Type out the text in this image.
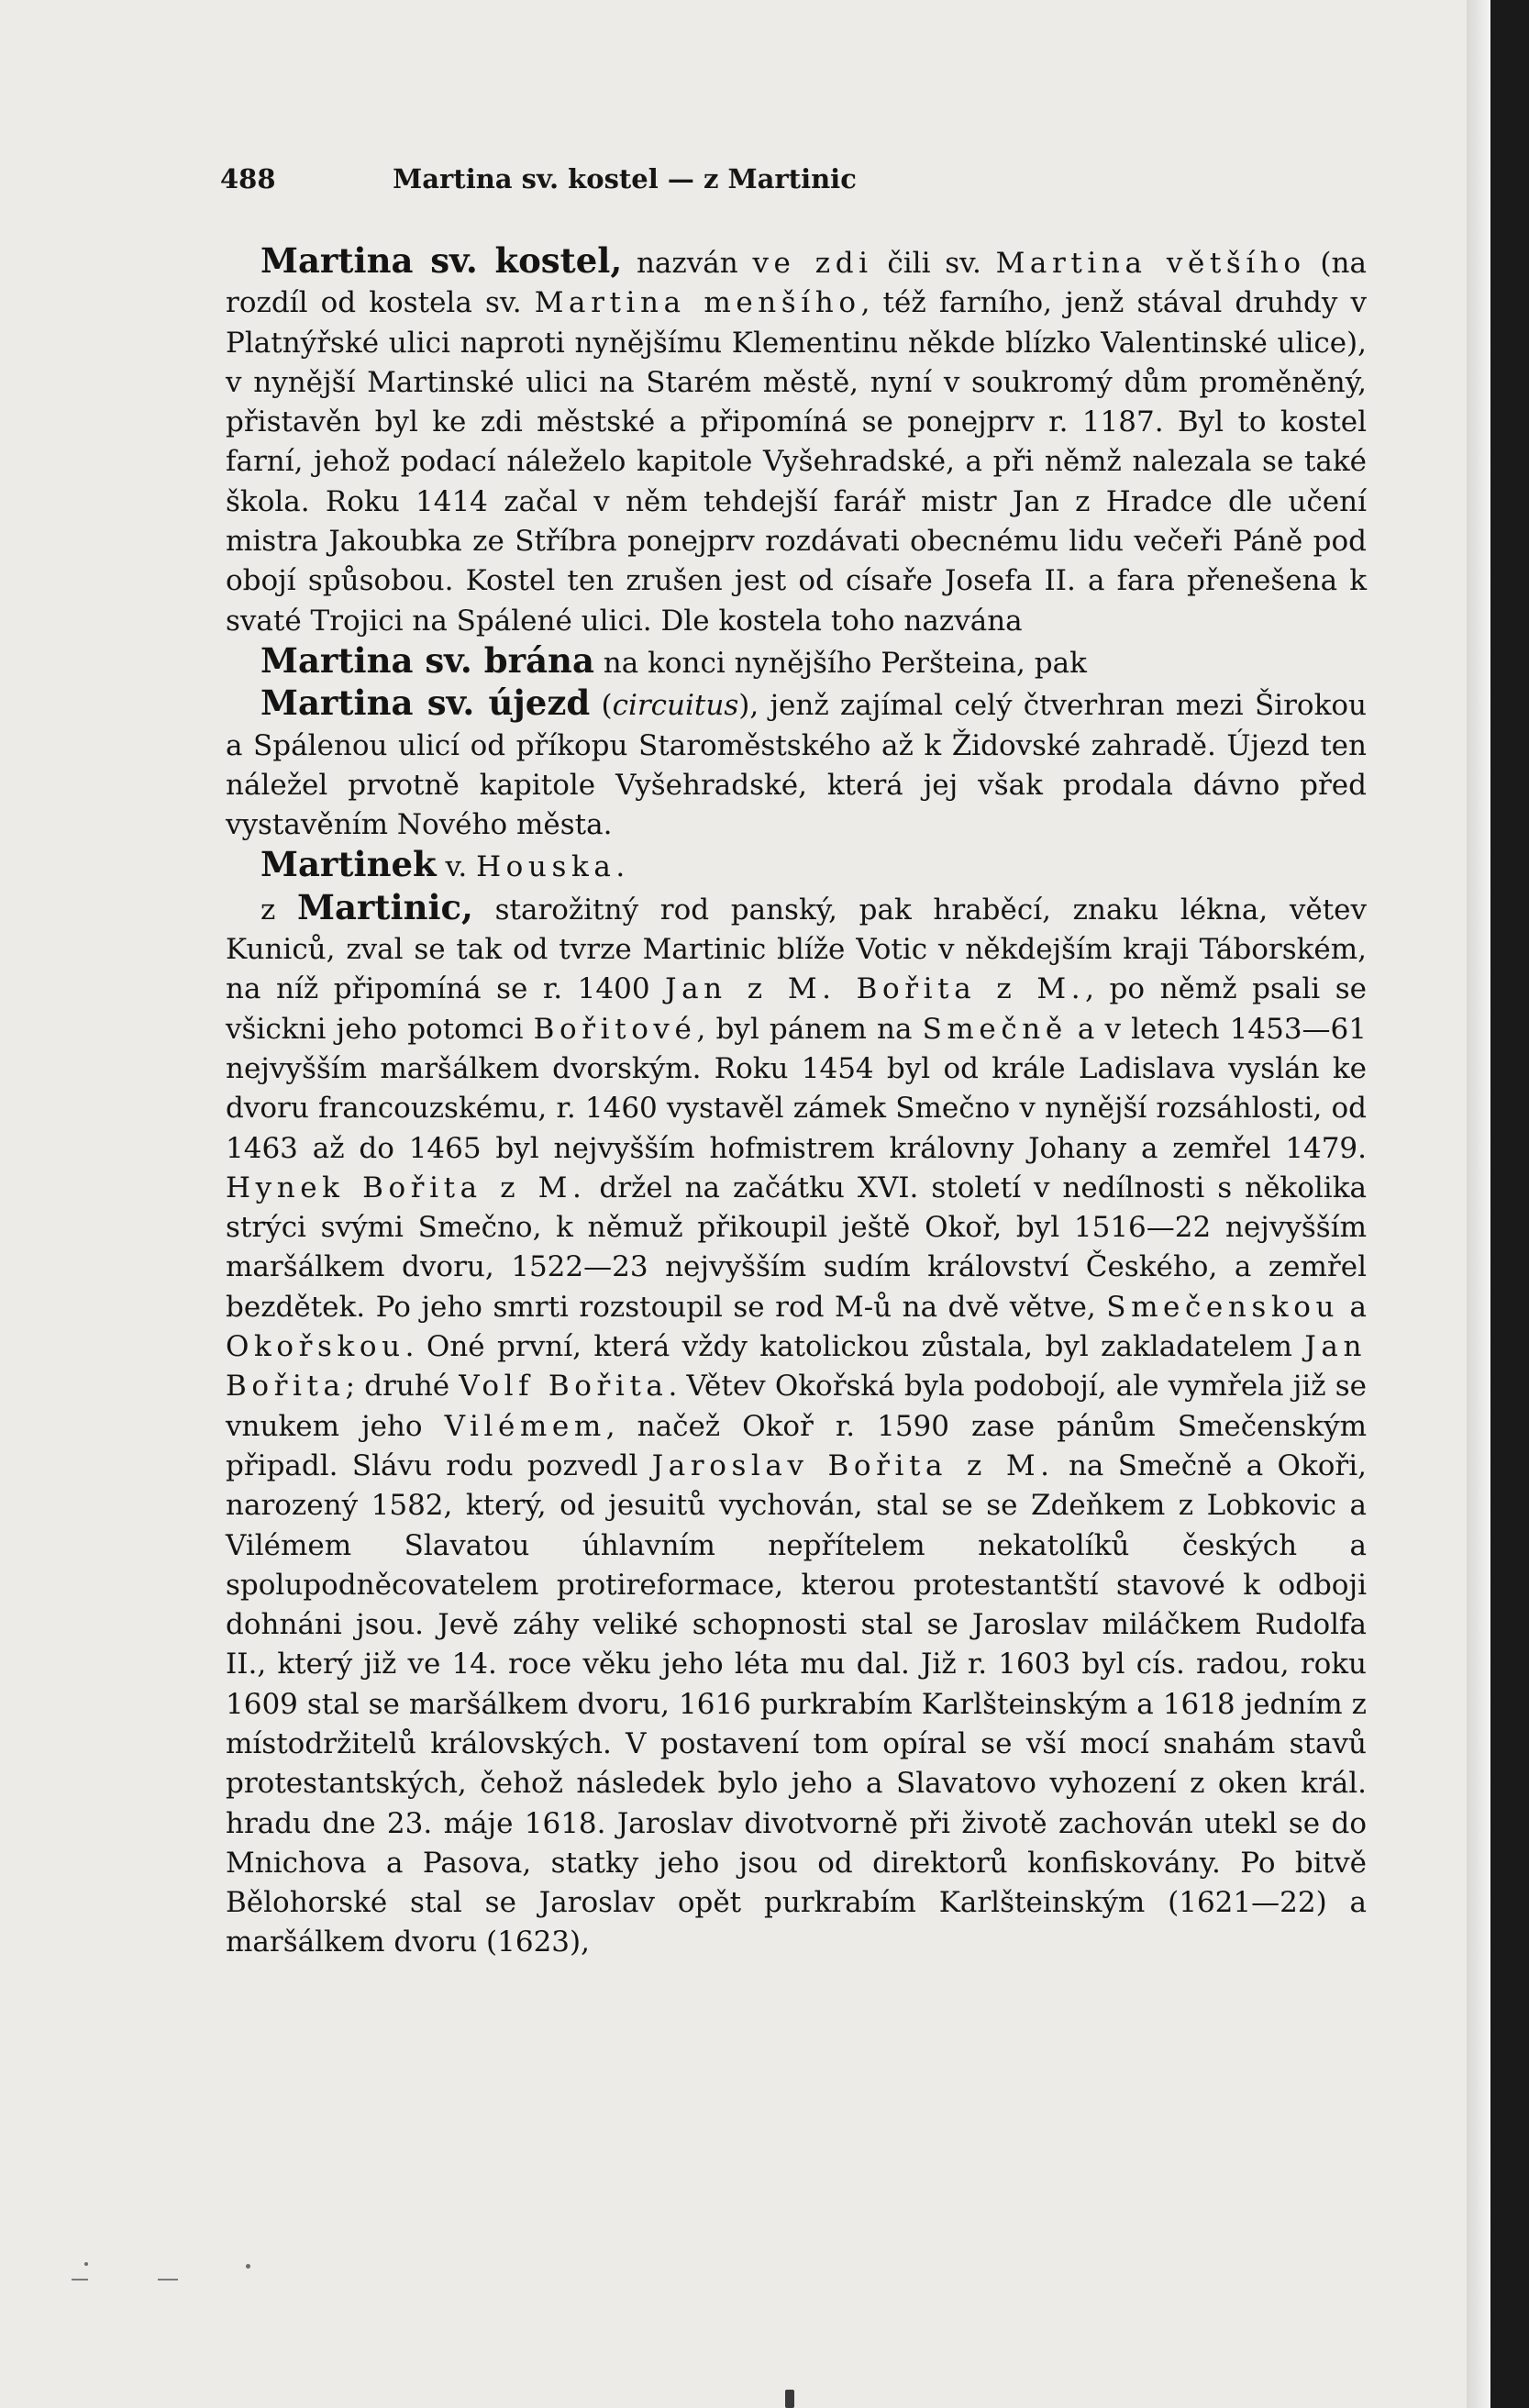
488	Martina sv. kostel — z Martinic

Martina sv. kostel, nazván ve zdi čili sv. Martina většího (na rozdíl od kostela sv. Martina menšího, též farního, jenž stával druhdy v Platnýřské ulici naproti nynějšímu Klementinu někde blízko Valentinské ulice), v nynější Martinské ulici na Starém městě, nyní v soukromý dům proměněný, přistavěn byl ke zdi městské a připomíná se ponejprv r. 1187. Byl to kostel farní, jehož podací náleželo kapitole Vyšehradské, a při němž nalezala se také škola. Roku 1414 začal v něm tehdejší farář mistr Jan z Hradce dle učení mistra Jakoubka ze Stříbra ponejprv rozdávati obecnému lidu večeři Páně pod obojí spůsobou. Kostel ten zrušen jest od císaře Josefa II. a fara přenešena k svaté Trojici na Spálené ulici. Dle kostela toho nazvána

Martina sv. brána na konci nynějšího Peršteina, pak

Martina sv. újezd (circuitus), jenž zajímal celý čtverhran mezi Širokou a Spálenou ulicí od příkopu Staroměstského až k Židovské zahradě. Újezd ten náležel prvotně kapitole Vyšehradské, která jej však prodala dávno před vystavěním Nového města.

Martinek v. Houska.

z Martinic, starožitný rod panský, pak hraběcí, znaku lékna, větev Kuniců, zval se tak od tvrze Martinic blíže Votic v někdejším kraji Táborském, na níž připomíná se r. 1400 Jan z M. Bořita z M., po němž psali se všickni jeho potomci Bořitové, byl pánem na Smečně a v letech 1453—61 nejvyšším maršálkem dvorským. Roku 1454 byl od krále Ladislava vyslán ke dvoru francouzskému, r. 1460 vystavěl zámek Smečno v nynější rozsáhlosti, od 1463 až do 1465 byl nejvyšším hofmistrem královny Johany a zemřel 1479. Hynek Bořita z M. držel na začátku XVI. století v nedílnosti s několika strýci svými Smečno, k němuž přikoupil ještě Okoř, byl 1516—22 nejvyšším maršálkem dvoru, 1522—23 nejvyšším sudím království Českého, a zemřel bezdětek. Po jeho smrti rozstoupil se rod M-ů na dvě větve, Smečenskou a Okořskou. Oné první, která vždy katolickou zůstala, byl zakladatelem Jan Bořita; druhé Volf Bořita. Větev Okořská byla podobojí, ale vymřela již se vnukem jeho Vilémem, načež Okoř r. 1590 zase pánům Smečenským připadl. Slávu rodu pozvedl Jaroslav Bořita z M. na Smečně a Okoři, narozený 1582, který, od jesuitů vychován, stal se se Zdeňkem z Lobkovic a Vilémem Slavatou úhlavním nepřítelem nekatolíků českých a spolupodněcovatelem protireformace, kterou protestantští stavové k odboji dohnáni jsou. Jevě záhy veliké schopnosti stal se Jaroslav miláčkem Rudolfa II., který již ve 14. roce věku jeho léta mu dal. Již r. 1603 byl cís. radou, roku 1609 stal se maršálkem dvoru, 1616 purkrabím Karlšteinským a 1618 jedním z místodržitelů královských. V postavení tom opíral se vší mocí snahám stavů protestantských, čehož následek bylo jeho a Slavatovo vyhození z oken král. hradu dne 23. máje 1618. Jaroslav divotvorně při životě zachován utekl se do Mnichova a Pasova, statky jeho jsou od direktorů konfiskovány. Po bitvě Bělohorské stal se Jaroslav opět purkrabím Karlšteinským (1621—22) a maršálkem dvoru (1623),
